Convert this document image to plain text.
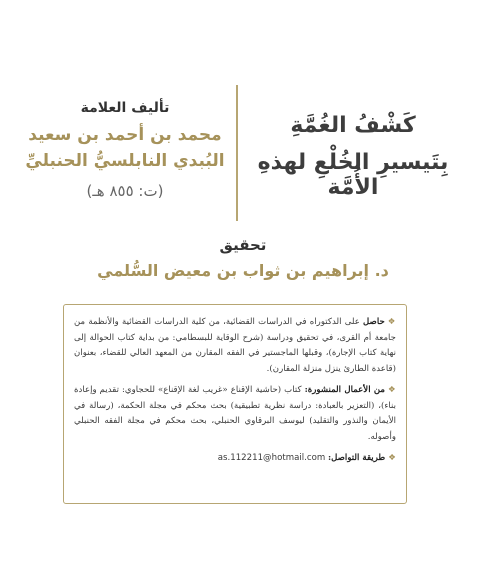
كَشْفُ الغُمَّةِ
بِتَيسيرِ الخُلْعِ لهذهِ الأُمَّة
تأليف العلامة
محمد بن أحمد بن سعيد
البُبدي النابلسيُّ الحنبليِّ
(ت: ٨٥٥ هـ)
تحقيق
د. إبراهيم بن ثواب بن معيض السُّلمي

❖حاصل على الدكتوراه في الدراسات القضائية، من كلية الدراسات القضائية والأنظمة من جامعة أم القرى، في تحقيق ودراسة (شرح الوقاية للبسطامي: من بداية كتاب الحوالة إلى نهاية كتاب الإجارة)، وقبلها الماجستير في الفقه المقارن من المعهد العالي للقضاء، بعنوان (قاعدة الطارئ ينزل منزلة المقارن).

❖من الأعمال المنشورة: كتاب (حاشية الإقناع «غريب لغة الإقناع» للحجاوي: تقديم وإعادة بناء)، (التعزير بالعبادة: دراسة نظرية تطبيقية) بحث محكم في مجلة الحكمة، (رسالة في الأيمان والنذور والتقليد) ليوسف البرقاوي الحنبلي، بحث محكم في مجلة الفقه الحنبلي وأصوله.

❖طريقة التواصل: as.112211@hotmail.com
